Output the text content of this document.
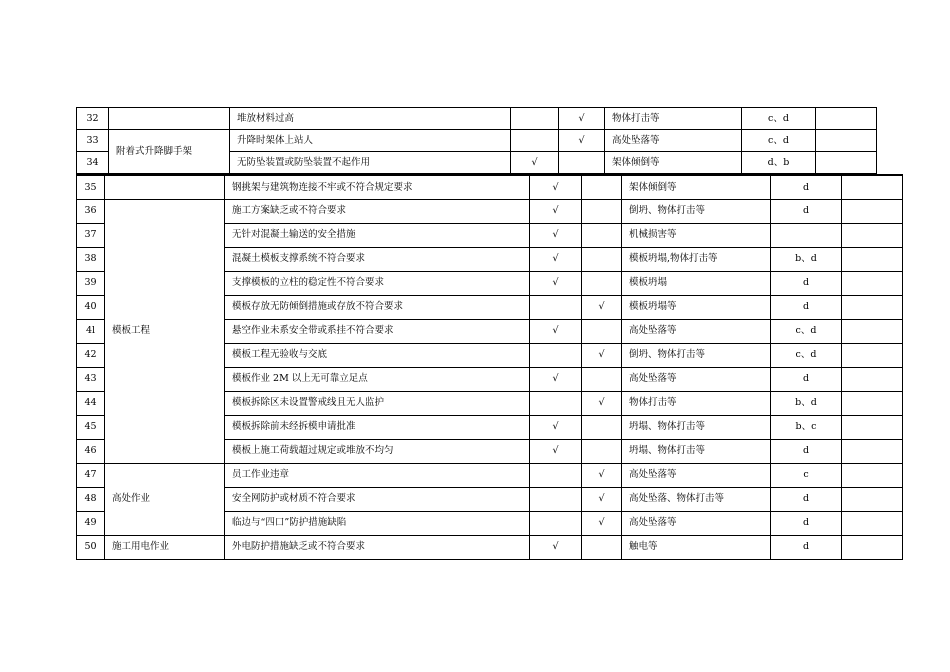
32		堆放材料过高		√	物体打击等	c、d	
33	附着式升降脚手架	升降时架体上站人		√	高处坠落等	c、d	
34		无防坠装置或防坠装置不起作用	√		架体倾倒等	d、b	
35		钢挑架与建筑物连接不牢或不符合规定要求	√		架体倾倒等	d	
36	模板工程	施工方案缺乏或不符合要求	√		倒坍、物体打击等	d	
37		无针对混凝土输送的安全措施	√		机械损害等		
38		混凝土模板支撑系统不符合要求	√		模板坍塌,物体打击等	b、d	
39		支撑模板的立柱的稳定性不符合要求	√		模板坍塌	d	
40		模板存放无防倾倒措施或存放不符合要求		√	模板坍塌等	d	
4l		悬空作业未系安全带或系挂不符合要求	√		高处坠落等	c、d	
42		模板工程无验收与交底		√	倒坍、物体打击等	c、d	
43		模板作业 2M 以上无可靠立足点	√		高处坠落等	d	
44		模板拆除区未设置警戒线且无人监护		√	物体打击等	b、d	
45		模板拆除前未经拆模申请批准	√		坍塌、物体打击等	b、c	
46		模板上施工荷载超过规定或堆放不均匀	√		坍塌、物体打击等	d	
47	高处作业	员工作业违章		√	高处坠落等	c	
48		安全网防护或材质不符合要求		√	高处坠落、物体打击等	d	
49		临边与“四口”防护措施缺陷		√	高处坠落等	d	
50	施工用电作业	外电防护措施缺乏或不符合要求	√		触电等	d	
